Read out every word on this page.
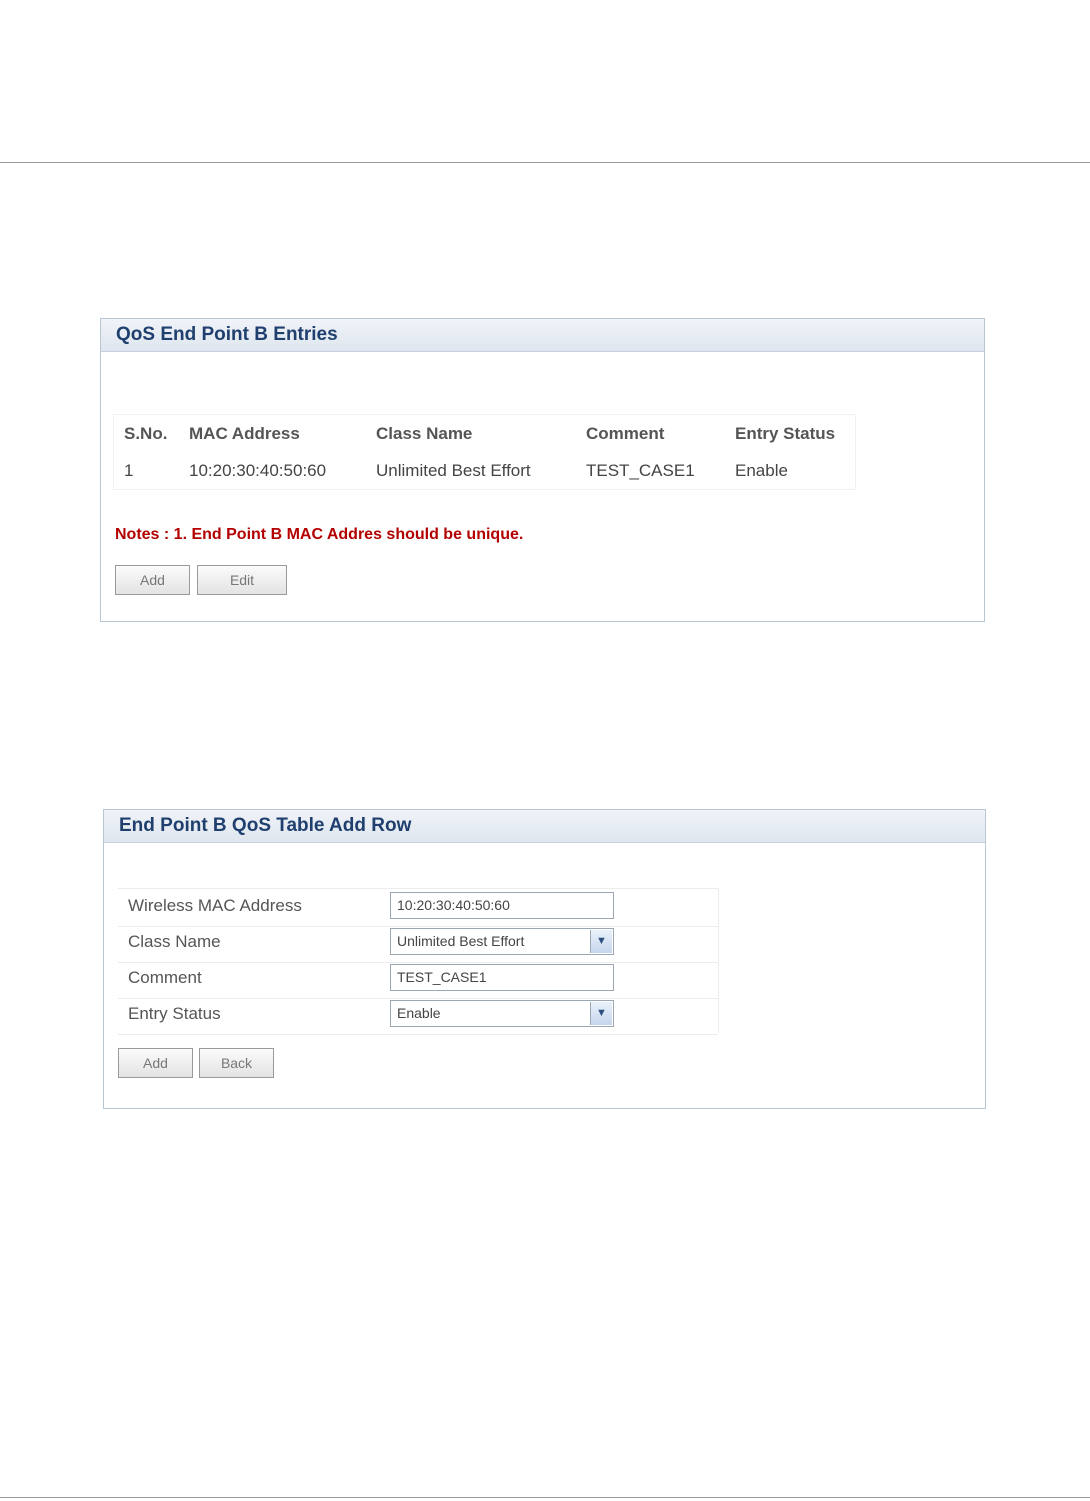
QoS End Point B Entries
S.No.	MAC Address	Class Name	Comment	Entry Status
1	10:20:30:40:50:60	Unlimited Best Effort	TEST_CASE1	Enable
Notes : 1. End Point B MAC Addres should be unique.
Add	Edit
End Point B QoS Table Add Row
Wireless MAC Address	10:20:30:40:50:60
Class Name	Unlimited Best Effort	▼
Comment	TEST_CASE1
Entry Status	Enable	▼
Add	Back
